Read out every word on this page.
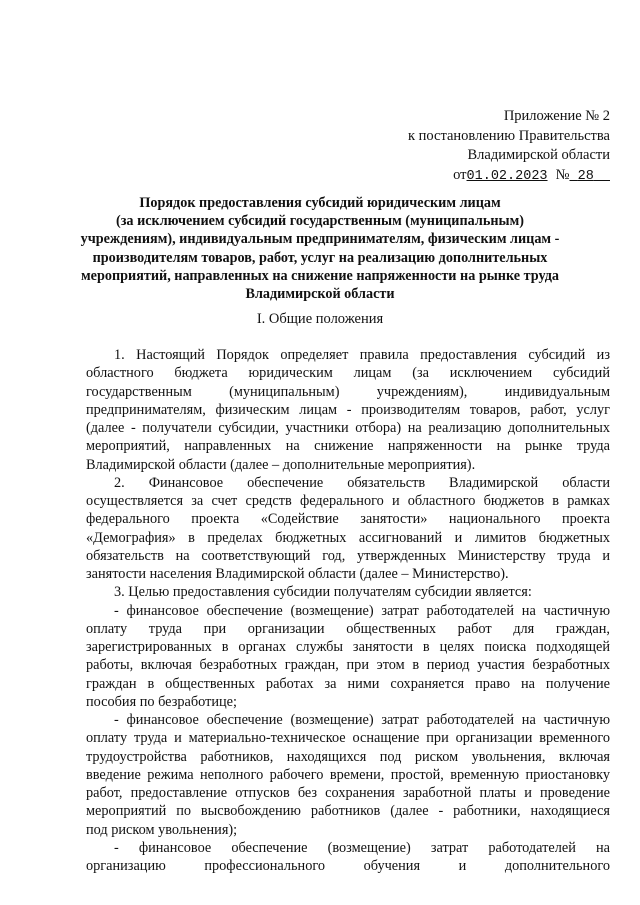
Приложение № 2
к постановлению Правительства
Владимирской области
от01.02.2023 № 28
Порядок предоставления субсидий юридическим лицам
(за исключением субсидий государственным (муниципальным)
учреждениям), индивидуальным предпринимателям, физическим лицам -
производителям товаров, работ, услуг на реализацию дополнительных
мероприятий, направленных на снижение напряженности на рынке труда
Владимирской области
I. Общие положения
1. Настоящий Порядок определяет правила предоставления субсидий из
областного бюджета юридическим лицам (за исключением субсидий
государственным (муниципальным) учреждениям), индивидуальным
предпринимателям, физическим лицам - производителям товаров, работ, услуг
(далее - получатели субсидии, участники отбора) на реализацию дополнительных
мероприятий, направленных на снижение напряженности на рынке труда
Владимирской области (далее – дополнительные мероприятия).
2. Финансовое обеспечение обязательств Владимирской области
осуществляется за счет средств федерального и областного бюджетов в рамках
федерального проекта «Содействие занятости» национального проекта
«Демография» в пределах бюджетных ассигнований и лимитов бюджетных
обязательств на соответствующий год, утвержденных Министерству труда и
занятости населения Владимирской области (далее – Министерство).
3. Целью предоставления субсидии получателям субсидии является:
- финансовое обеспечение (возмещение) затрат работодателей на частичную
оплату труда при организации общественных работ для граждан,
зарегистрированных в органах службы занятости в целях поиска подходящей
работы, включая безработных граждан, при этом в период участия безработных
граждан в общественных работах за ними сохраняется право на получение
пособия по безработице;
- финансовое обеспечение (возмещение) затрат работодателей на частичную
оплату труда и материально-техническое оснащение при организации временного
трудоустройства работников, находящихся под риском увольнения, включая
введение режима неполного рабочего времени, простой, временную приостановку
работ, предоставление отпусков без сохранения заработной платы и проведение
мероприятий по высвобождению работников (далее - работники, находящиеся
под риском увольнения);
- финансовое обеспечение (возмещение) затрат работодателей на
организацию профессионального обучения и дополнительного
